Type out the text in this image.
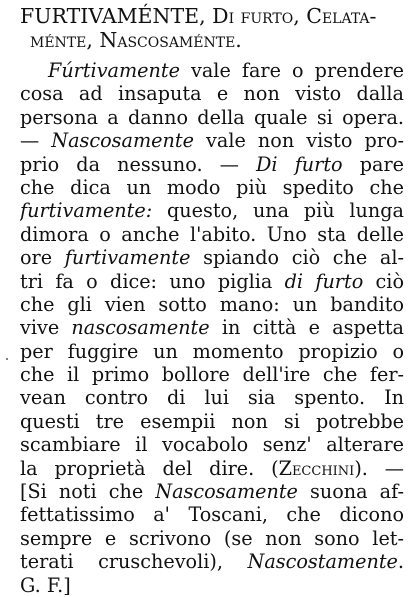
FURTIVAMÉNTE, Di furto, Celata-
ménte, Nascosaménte.
Fúrtivamente vale fare o prendere
cosa ad insaputa e non visto dalla
persona a danno della quale si opera.
— Nascosamente vale non visto pro-
prio da nessuno. — Di furto pare
che dica un modo più spedito che
furtivamente: questo, una più lunga
dimora o anche l'abito. Uno sta delle
ore furtivamente spiando ciò che al-
tri fa o dice: uno piglia di furto ciò
che gli vien sotto mano: un bandito
vive nascosamente in città e aspetta
per fuggire un momento propizio o
che il primo bollore dell'ire che fer-
vean contro di lui sia spento. In
questi tre esempii non si potrebbe
scambiare il vocabolo senz' alterare
la proprietà del dire. (Zecchini). —
[Si noti che Nascosamente suona af-
fettatissimo a' Toscani, che dicono
sempre e scrivono (se non sono let-
terati cruschevoli), Nascostamente.
G. F.]
